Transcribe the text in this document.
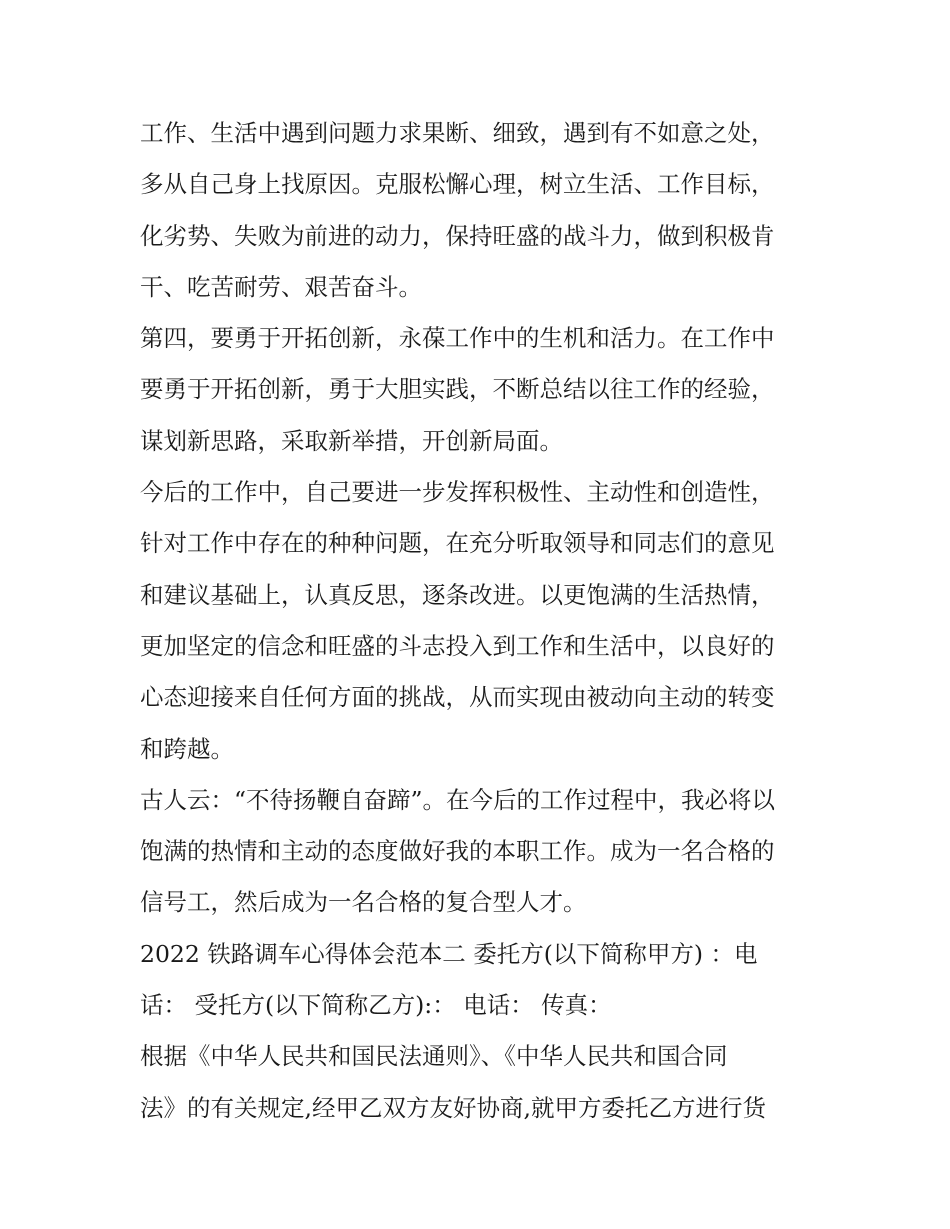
工作、生活中遇到问题力求果断、细致，遇到有不如意之处，
多从自己身上找原因。克服松懈心理，树立生活、工作目标，
化劣势、失败为前进的动力，保持旺盛的战斗力，做到积极肯
干、吃苦耐劳、艰苦奋斗。
第四，要勇于开拓创新，永葆工作中的生机和活力。在工作中
要勇于开拓创新，勇于大胆实践，不断总结以往工作的经验，
谋划新思路，采取新举措，开创新局面。
今后的工作中，自己要进一步发挥积极性、主动性和创造性，
针对工作中存在的种种问题，在充分听取领导和同志们的意见
和建议基础上，认真反思，逐条改进。以更饱满的生活热情，
更加坚定的信念和旺盛的斗志投入到工作和生活中，以良好的
心态迎接来自任何方面的挑战，从而实现由被动向主动的转变
和跨越。
古人云：“不待扬鞭自奋蹄”。在今后的工作过程中，我必将以
饱满的热情和主动的态度做好我的本职工作。成为一名合格的
信号工，然后成为一名合格的复合型人才。
2022 铁路调车心得体会范本二 委托方(以下简称甲方) ：电
话： 受托方(以下简称乙方):： 电话： 传真：
根据《中华人民共和国民法通则》、《中华人民共和国合同
法》的有关规定,经甲乙双方友好协商,就甲方委托乙方进行货
